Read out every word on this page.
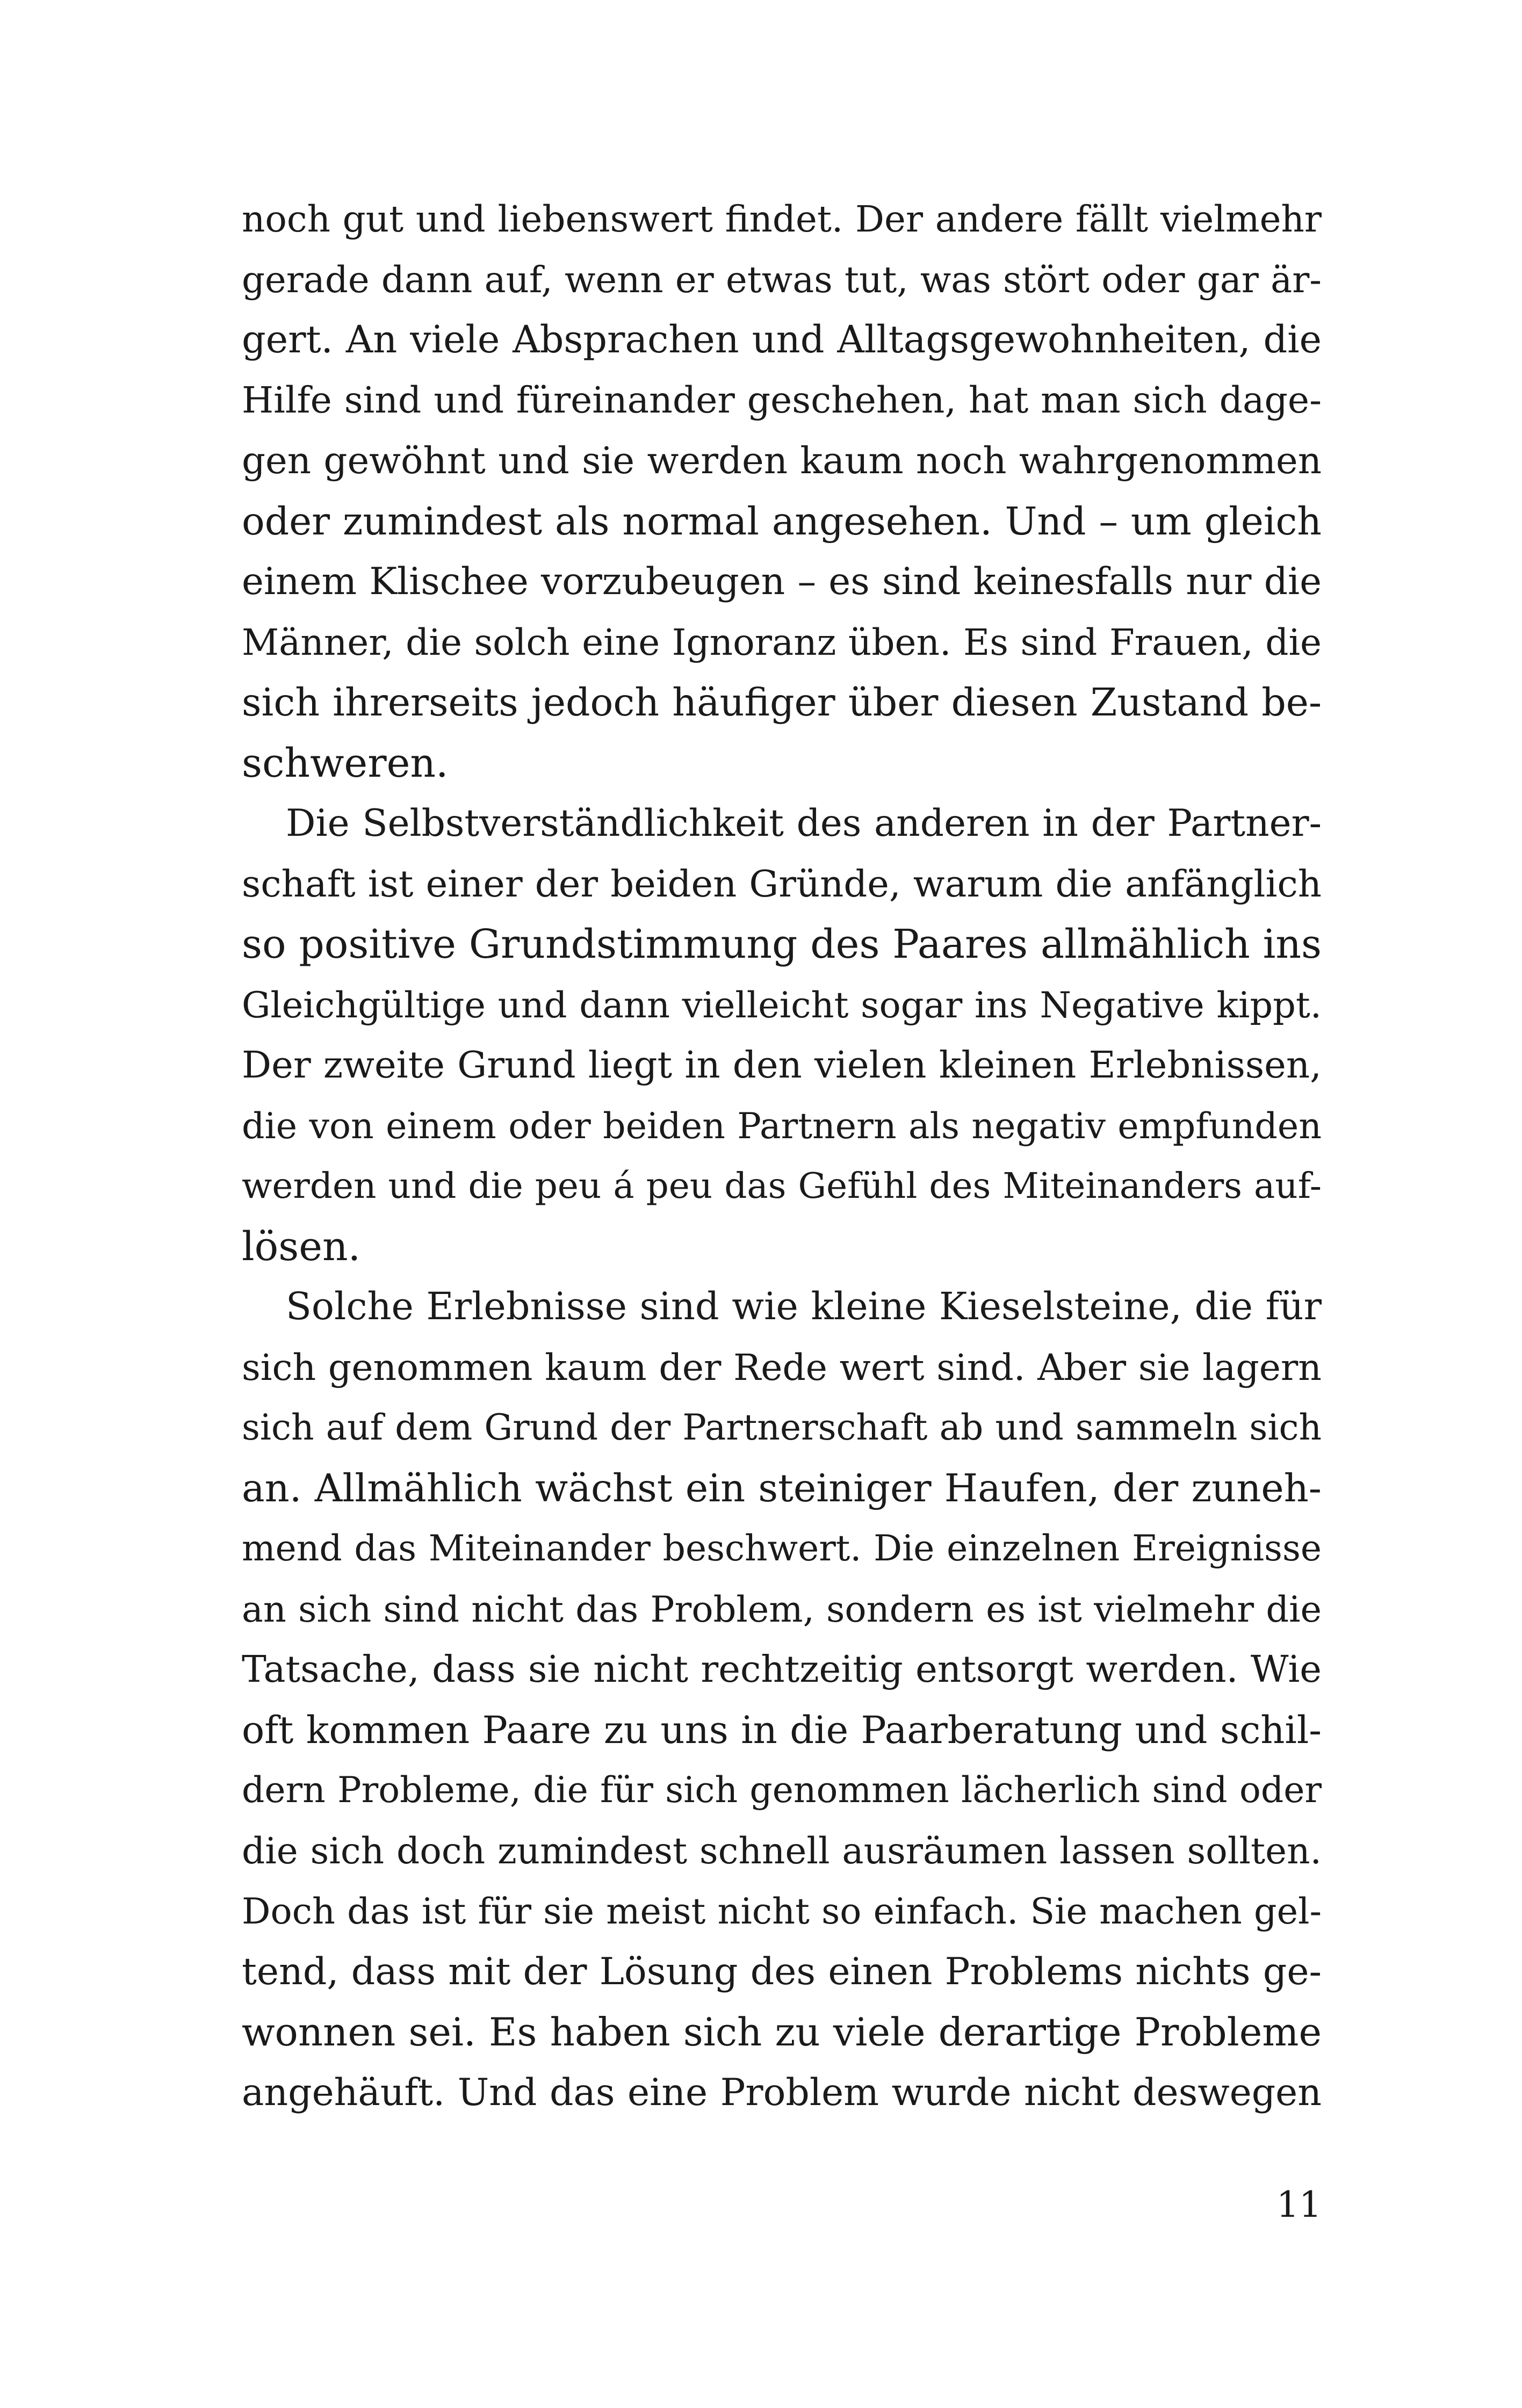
noch gut und liebenswert findet. Der andere fällt vielmehr
gerade dann auf, wenn er etwas tut, was stört oder gar är-
gert. An viele Absprachen und Alltagsgewohnheiten, die
Hilfe sind und füreinander geschehen, hat man sich dage-
gen gewöhnt und sie werden kaum noch wahrgenommen
oder zumindest als normal angesehen. Und – um gleich
einem Klischee vorzubeugen – es sind keinesfalls nur die
Männer, die solch eine Ignoranz üben. Es sind Frauen, die
sich ihrerseits jedoch häufiger über diesen Zustand be-
schweren.
Die Selbstverständlichkeit des anderen in der Partner-
schaft ist einer der beiden Gründe, warum die anfänglich
so positive Grundstimmung des Paares allmählich ins
Gleichgültige und dann vielleicht sogar ins Negative kippt.
Der zweite Grund liegt in den vielen kleinen Erlebnissen,
die von einem oder beiden Partnern als negativ empfunden
werden und die peu á peu das Gefühl des Miteinanders auf-
lösen.
Solche Erlebnisse sind wie kleine Kieselsteine, die für
sich genommen kaum der Rede wert sind. Aber sie lagern
sich auf dem Grund der Partnerschaft ab und sammeln sich
an. Allmählich wächst ein steiniger Haufen, der zuneh-
mend das Miteinander beschwert. Die einzelnen Ereignisse
an sich sind nicht das Problem, sondern es ist vielmehr die
Tatsache, dass sie nicht rechtzeitig entsorgt werden. Wie
oft kommen Paare zu uns in die Paarberatung und schil-
dern Probleme, die für sich genommen lächerlich sind oder
die sich doch zumindest schnell ausräumen lassen sollten.
Doch das ist für sie meist nicht so einfach. Sie machen gel-
tend, dass mit der Lösung des einen Problems nichts ge-
wonnen sei. Es haben sich zu viele derartige Probleme
angehäuft. Und das eine Problem wurde nicht deswegen
11
